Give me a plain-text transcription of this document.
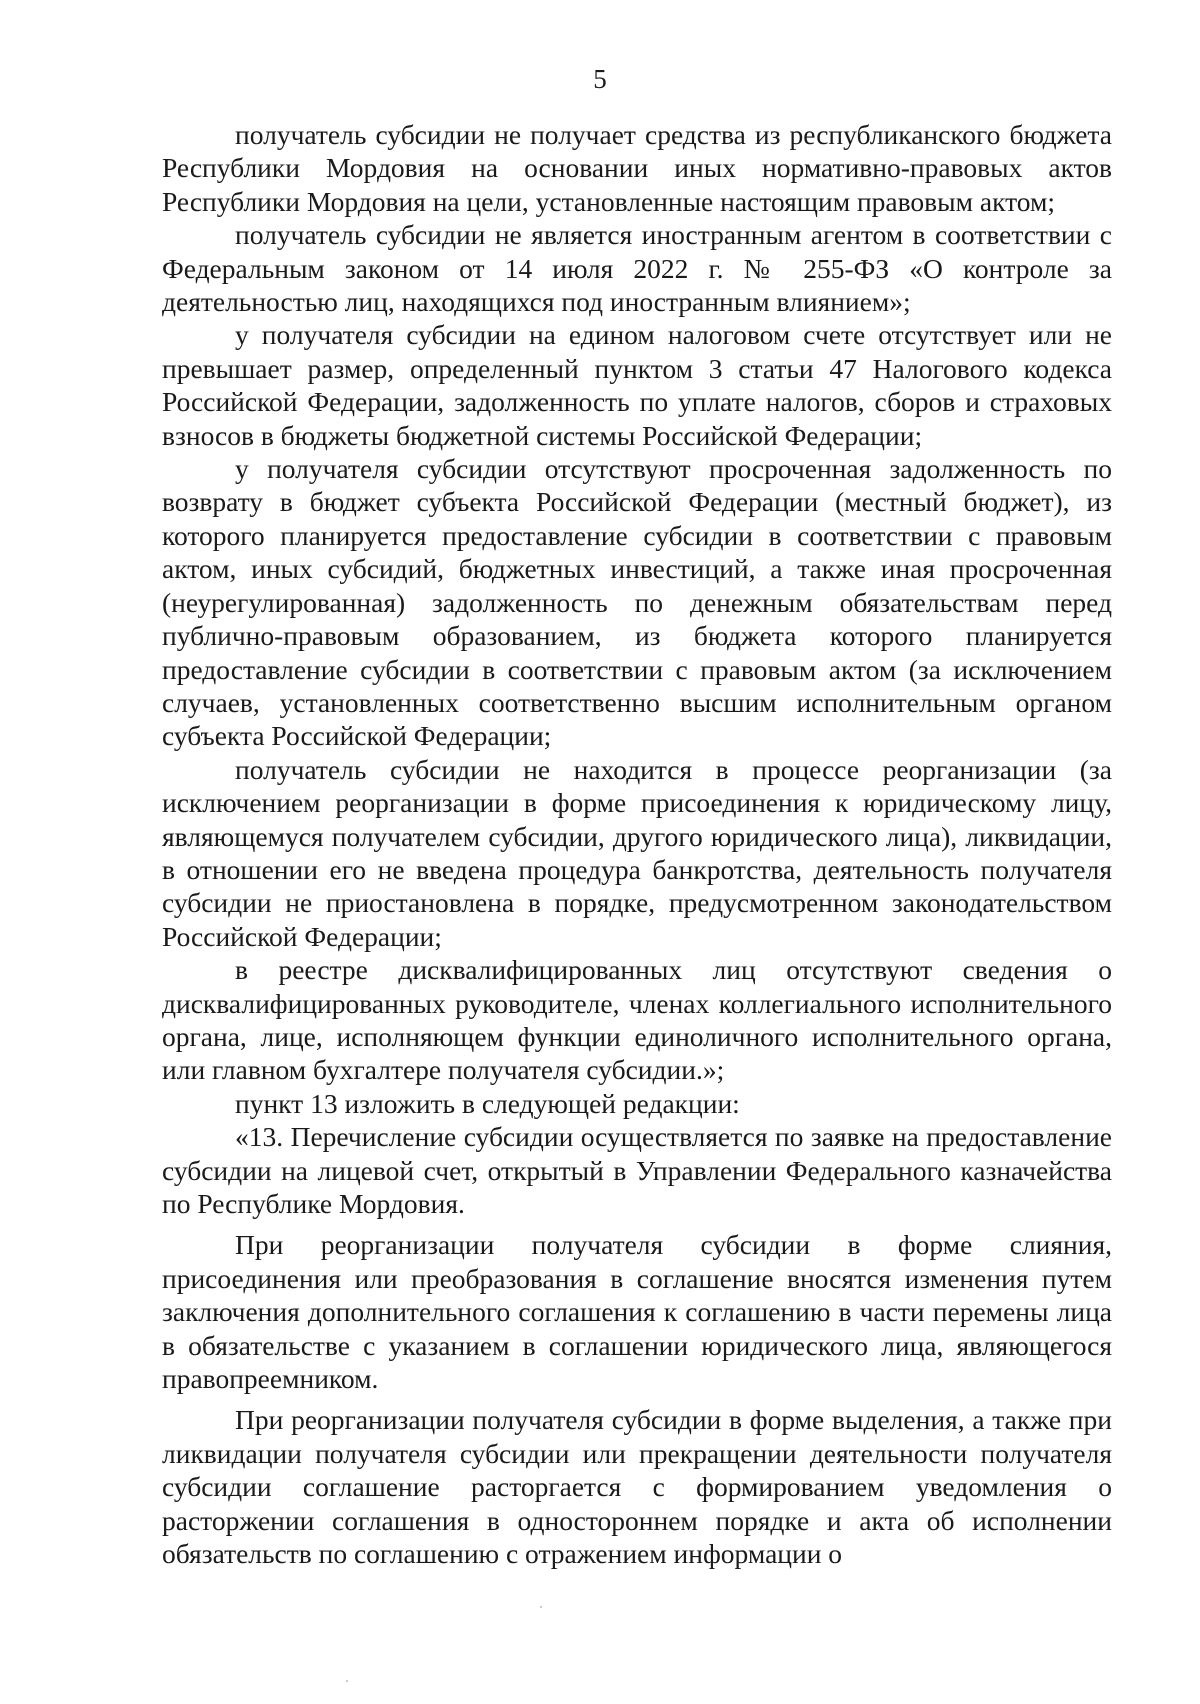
5

получатель субсидии не получает средства из республиканского бюджета Республики Мордовия на основании иных нормативно-правовых актов Республики Мордовия на цели, установленные настоящим правовым актом;

получатель субсидии не является иностранным агентом в соответствии с Федеральным законом от 14 июля 2022 г. № 255-ФЗ «О контроле за деятельностью лиц, находящихся под иностранным влиянием»;

у получателя субсидии на едином налоговом счете отсутствует или не превышает размер, определенный пунктом 3 статьи 47 Налогового кодекса Российской Федерации, задолженность по уплате налогов, сборов и страховых взносов в бюджеты бюджетной системы Российской Федерации;

у получателя субсидии отсутствуют просроченная задолженность по возврату в бюджет субъекта Российской Федерации (местный бюджет), из которого планируется предоставление субсидии в соответствии с правовым актом, иных субсидий, бюджетных инвестиций, а также иная просроченная (неурегулированная) задолженность по денежным обязательствам перед публично-правовым образованием, из бюджета которого планируется предоставление субсидии в соответствии с правовым актом (за исключением случаев, установленных соответственно высшим исполнительным органом субъекта Российской Федерации;

получатель субсидии не находится в процессе реорганизации (за исключением реорганизации в форме присоединения к юридическому лицу, являющемуся получателем субсидии, другого юридического лица), ликвидации, в отношении его не введена процедура банкротства, деятельность получателя субсидии не приостановлена в порядке, предусмотренном законодательством Российской Федерации;

в реестре дисквалифицированных лиц отсутствуют сведения о дисквалифицированных руководителе, членах коллегиального исполнительного органа, лице, исполняющем функции единоличного исполнительного органа, или главном бухгалтере получателя субсидии.»;

пункт 13 изложить в следующей редакции:

«13. Перечисление субсидии осуществляется по заявке на предоставление субсидии на лицевой счет, открытый в Управлении Федерального казначейства по Республике Мордовия.

При реорганизации получателя субсидии в форме слияния, присоединения или преобразования в соглашение вносятся изменения путем заключения дополнительного соглашения к соглашению в части перемены лица в обязательстве с указанием в соглашении юридического лица, являющегося правопреемником.

При реорганизации получателя субсидии в форме выделения, а также при ликвидации получателя субсидии или прекращении деятельности получателя субсидии соглашение расторгается с формированием уведомления о расторжении соглашения в одностороннем порядке и акта об исполнении обязательств по соглашению с отражением информации о
